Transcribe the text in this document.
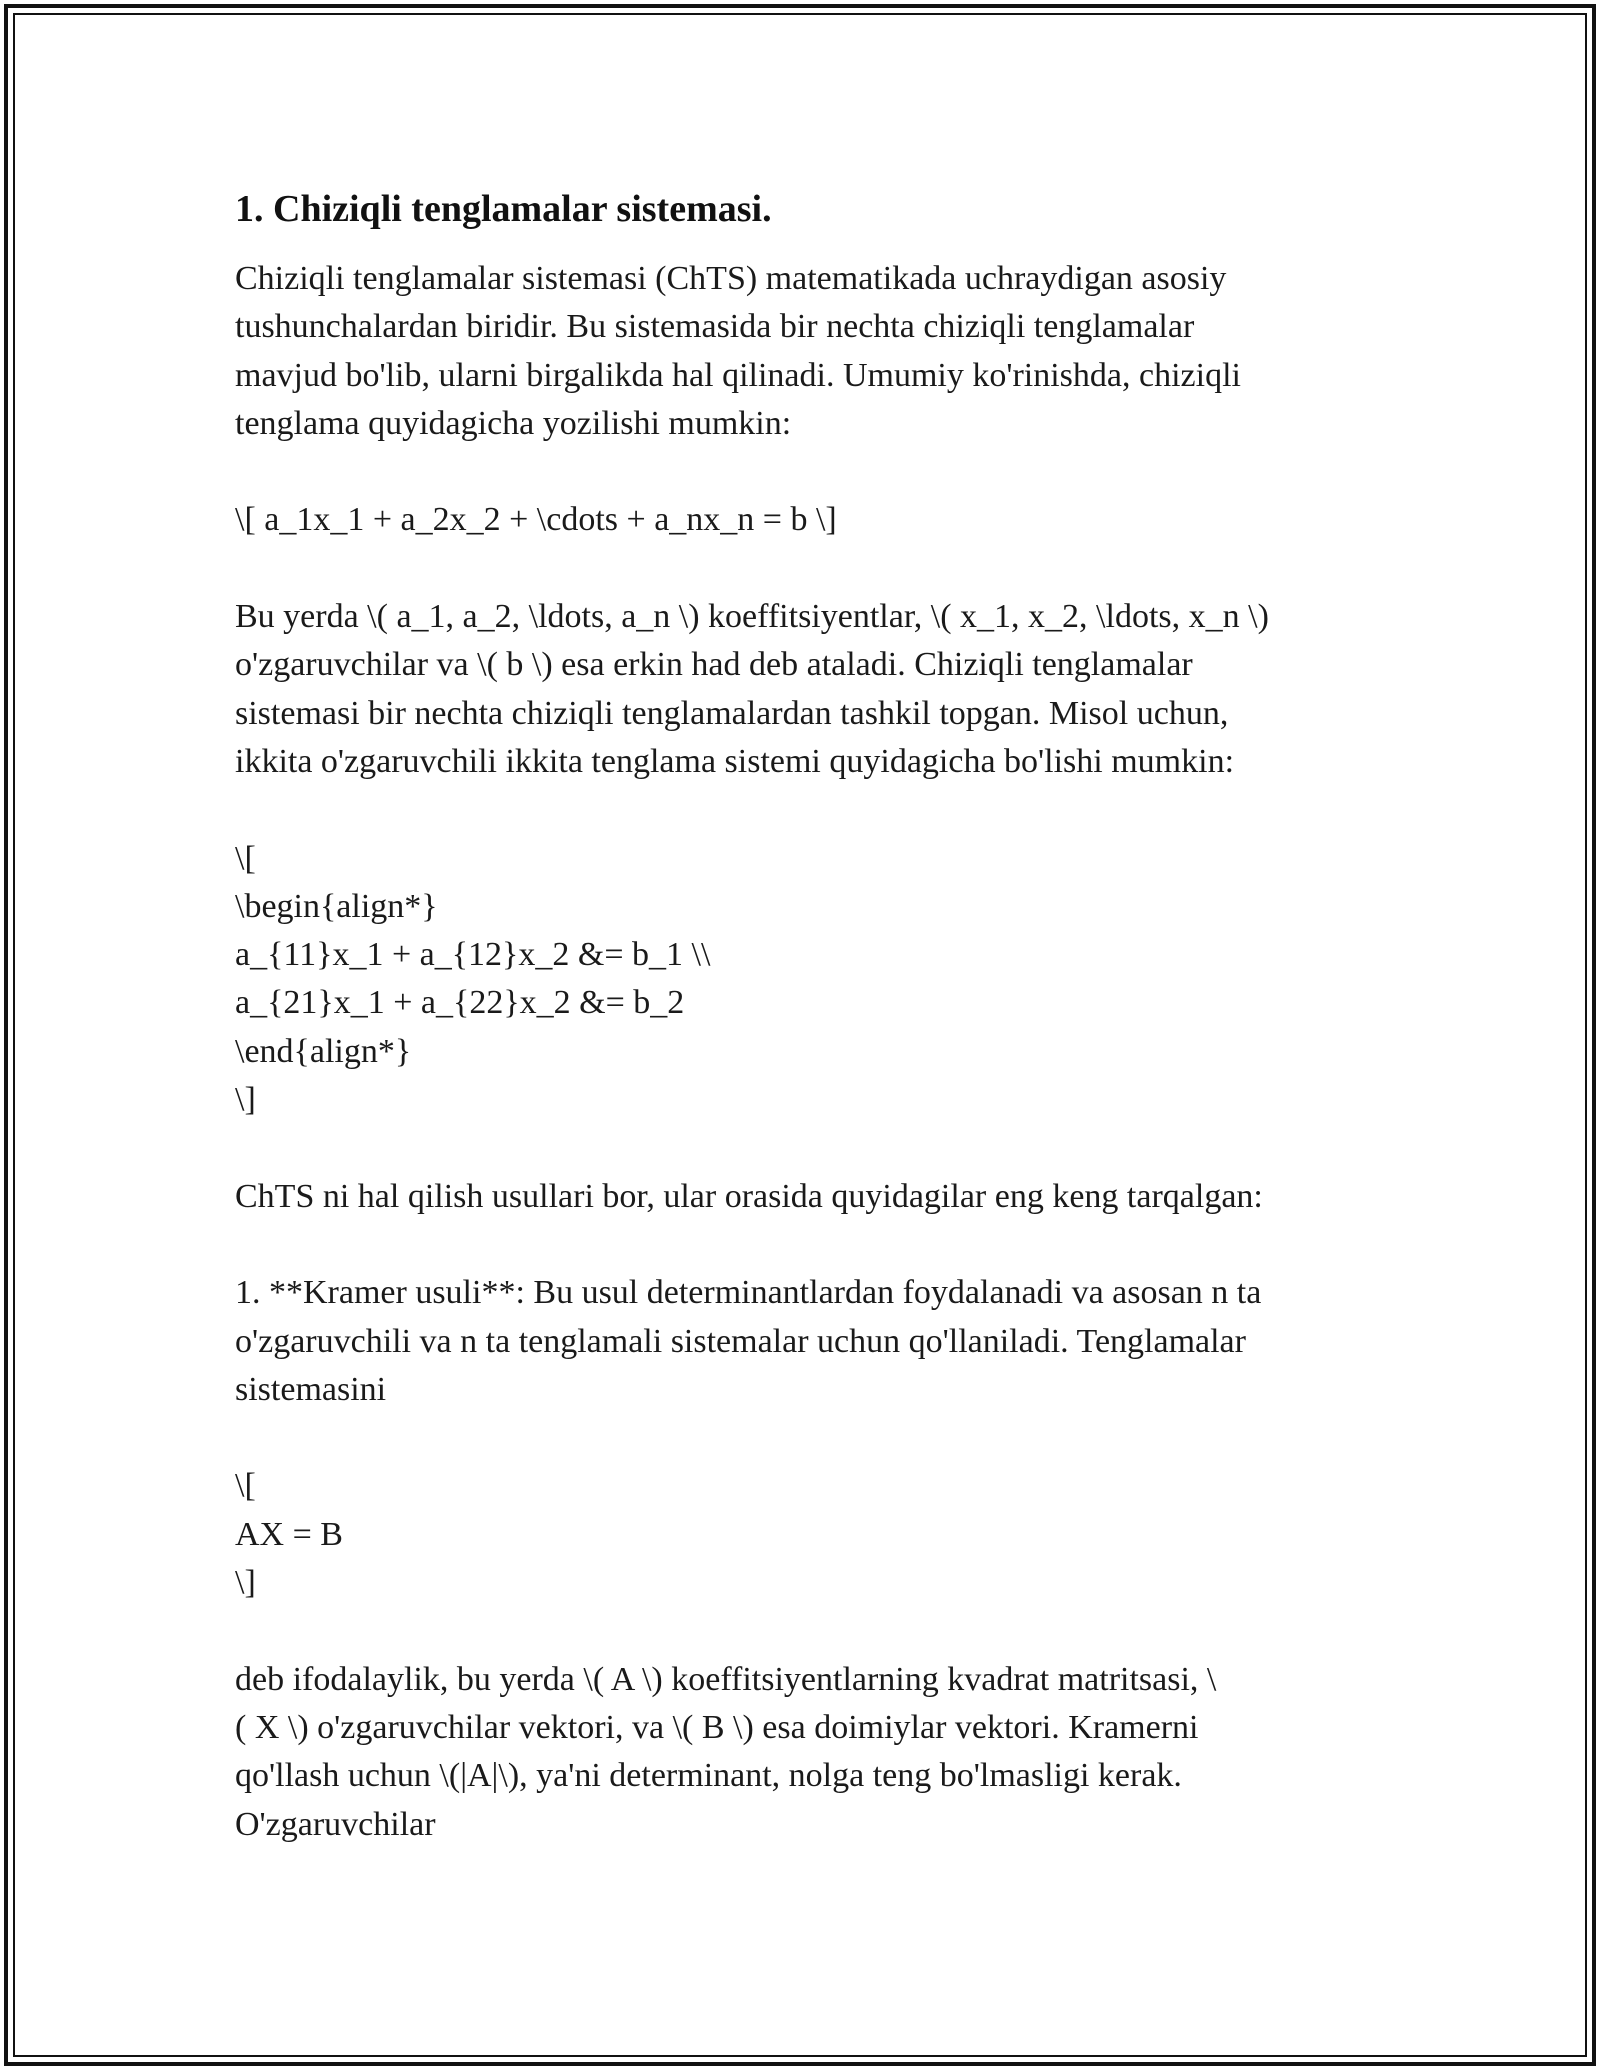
1. Chiziqli tenglamalar sistemasi.

Chiziqli tenglamalar sistemasi (ChTS) matematikada uchraydigan asosiy
tushunchalardan biridir. Bu sistemasida bir nechta chiziqli tenglamalar
mavjud bo'lib, ularni birgalikda hal qilinadi. Umumiy ko'rinishda, chiziqli
tenglama quyidagicha yozilishi mumkin:

\[ a_1x_1 + a_2x_2 + \cdots + a_nx_n = b \]

Bu yerda \( a_1, a_2, \ldots, a_n \) koeffitsiyentlar, \( x_1, x_2, \ldots, x_n \)
o'zgaruvchilar va \( b \) esa erkin had deb ataladi. Chiziqli tenglamalar
sistemasi bir nechta chiziqli tenglamalardan tashkil topgan. Misol uchun,
ikkita o'zgaruvchili ikkita tenglama sistemi quyidagicha bo'lishi mumkin:

\[
\begin{align*}
a_{11}x_1 + a_{12}x_2 &= b_1 \\
a_{21}x_1 + a_{22}x_2 &= b_2
\end{align*}
\]

ChTS ni hal qilish usullari bor, ular orasida quyidagilar eng keng tarqalgan:

1. **Kramer usuli**: Bu usul determinantlardan foydalanadi va asosan n ta
o'zgaruvchili va n ta tenglamali sistemalar uchun qo'llaniladi. Tenglamalar
sistemasini

\[
AX = B
\]

deb ifodalaylik, bu yerda \( A \) koeffitsiyentlarning kvadrat matritsasi, \
( X \) o'zgaruvchilar vektori, va \( B \) esa doimiylar vektori. Kramerni
qo'llash uchun \(|A|\), ya'ni determinant, nolga teng bo'lmasligi kerak.
O'zgaruvchilar
